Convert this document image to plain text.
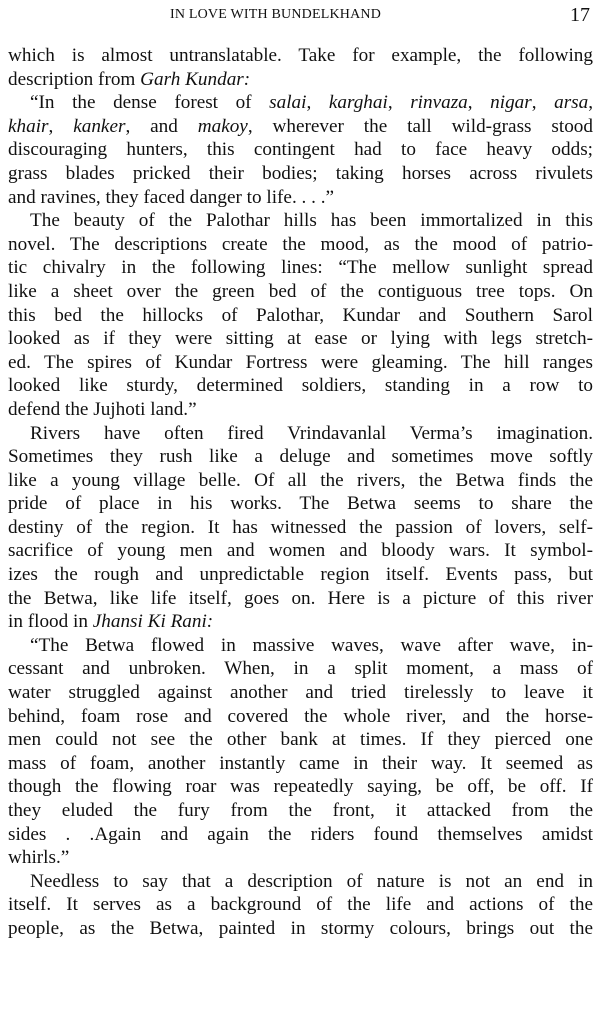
IN LOVE WITH BUNDELKHAND	17

which is almost untranslatable. Take for example, the following

description from Garh Kundar:

“In the dense forest of salai, karghai, rinvaza, nigar, arsa,

khair, kanker, and makoy, wherever the tall wild-grass stood

discouraging hunters, this contingent had to face heavy odds;

grass blades pricked their bodies; taking horses across rivulets

and ravines, they faced danger to life. . . .”

The beauty of the Palothar hills has been immortalized in this

novel. The descriptions create the mood, as the mood of patrio-

tic chivalry in the following lines: “The mellow sunlight spread

like a sheet over the green bed of the contiguous tree tops. On

this bed the hillocks of Palothar, Kundar and Southern Sarol

looked as if they were sitting at ease or lying with legs stretch-

ed. The spires of Kundar Fortress were gleaming. The hill ranges

looked like sturdy, determined soldiers, standing in a row to

defend the Jujhoti land.”

Rivers have often fired Vrindavanlal Verma’s imagination.

Sometimes they rush like a deluge and sometimes move softly

like a young village belle. Of all the rivers, the Betwa finds the

pride of place in his works. The Betwa seems to share the

destiny of the region. It has witnessed the passion of lovers, self-

sacrifice of young men and women and bloody wars. It symbol-

izes the rough and unpredictable region itself. Events pass, but

the Betwa, like life itself, goes on. Here is a picture of this river

in flood in Jhansi Ki Rani:

“The Betwa flowed in massive waves, wave after wave, in-

cessant and unbroken. When, in a split moment, a mass of

water struggled against another and tried tirelessly to leave it

behind, foam rose and covered the whole river, and the horse-

men could not see the other bank at times. If they pierced one

mass of foam, another instantly came in their way. It seemed as

though the flowing roar was repeatedly saying, be off, be off. If

they eluded the fury from the front, it attacked from the

sides . .Again and again the riders found themselves amidst

whirls.”

Needless to say that a description of nature is not an end in

itself. It serves as a background of the life and actions of the

people, as the Betwa, painted in stormy colours, brings out the
